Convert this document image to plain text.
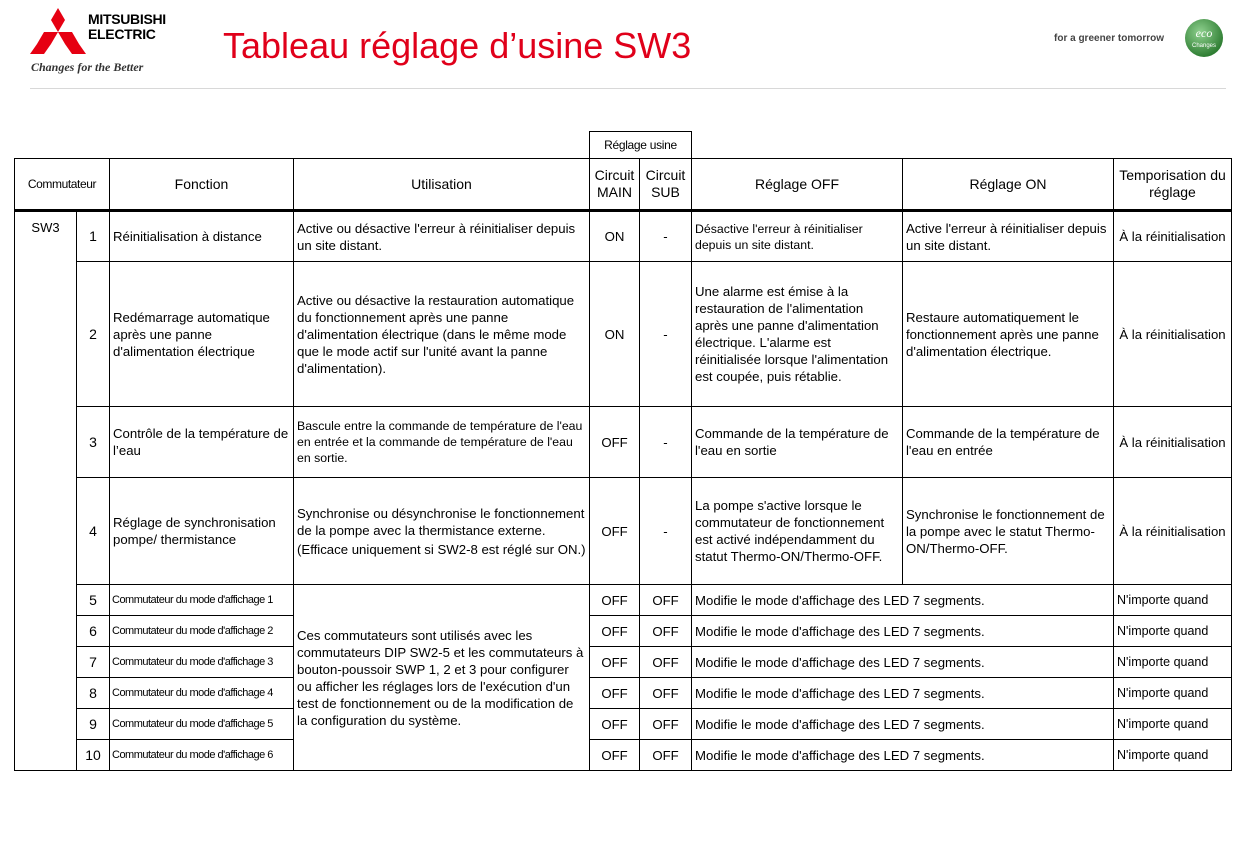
MITSUBISHI
ELECTRIC
Changes for the Better
Tableau réglage d’usine SW3	for a greener tomorrow	eco
Changes
				Réglage usine				
Commutateur		Fonction	Utilisation	Circuit MAIN	Circuit SUB	Réglage OFF	Réglage ON	Temporisation du réglage
SW3	1	Réinitialisation à distance	Active ou désactive l'erreur à réinitialiser depuis un site distant.	ON	-	Désactive l'erreur à réinitialiser depuis un site distant.	Active l'erreur à réinitialiser depuis un site distant.	À la réinitialisation
	2	Redémarrage automatique après une panne d'alimentation électrique	Active ou désactive la restauration automatique du fonctionnement après une panne d'alimentation électrique (dans le même mode que le mode actif sur l'unité avant la panne d'alimentation).	ON	-	Une alarme est émise à la restauration de l'alimentation après une panne d'alimentation électrique. L'alarme est réinitialisée lorsque l'alimentation est coupée, puis rétablie.	Restaure automatiquement le fonctionnement après une panne d'alimentation électrique.	À la réinitialisation
	3	Contrôle de la température de l’eau	Bascule entre la commande de température de l'eau en entrée et la commande de température de l'eau en sortie.	OFF	-	Commande de la température de l'eau en sortie	Commande de la température de l'eau en entrée	À la réinitialisation
	4	Réglage de synchronisation pompe/ thermistance	Synchronise ou désynchronise le fonctionnement de la pompe avec la thermistance externe.
(Efficace uniquement si SW2-8 est réglé sur ON.)	OFF	-	La pompe s'active lorsque le commutateur de fonctionnement est activé indépendamment du statut Thermo-ON/Thermo-OFF.	Synchronise le fonctionnement de la pompe avec le statut Thermo-ON/Thermo-OFF.	À la réinitialisation
	5	Commutateur du mode d'affichage 1	Ces commutateurs sont utilisés avec les commutateurs DIP SW2-5 et les commutateurs à bouton-poussoir SWP 1, 2 et 3 pour configurer ou afficher les réglages lors de l'exécution d'un test de fonctionnement ou de la modification de la configuration du système.	OFF	OFF	Modifie le mode d'affichage des LED 7 segments.		N'importe quand
	6	Commutateur du mode d'affichage 2		OFF	OFF	Modifie le mode d'affichage des LED 7 segments.		N'importe quand
	7	Commutateur du mode d'affichage 3		OFF	OFF	Modifie le mode d'affichage des LED 7 segments.		N'importe quand
	8	Commutateur du mode d'affichage 4		OFF	OFF	Modifie le mode d'affichage des LED 7 segments.		N'importe quand
	9	Commutateur du mode d'affichage 5		OFF	OFF	Modifie le mode d'affichage des LED 7 segments.		N'importe quand
	10	Commutateur du mode d'affichage 6		OFF	OFF	Modifie le mode d'affichage des LED 7 segments.		N'importe quand
